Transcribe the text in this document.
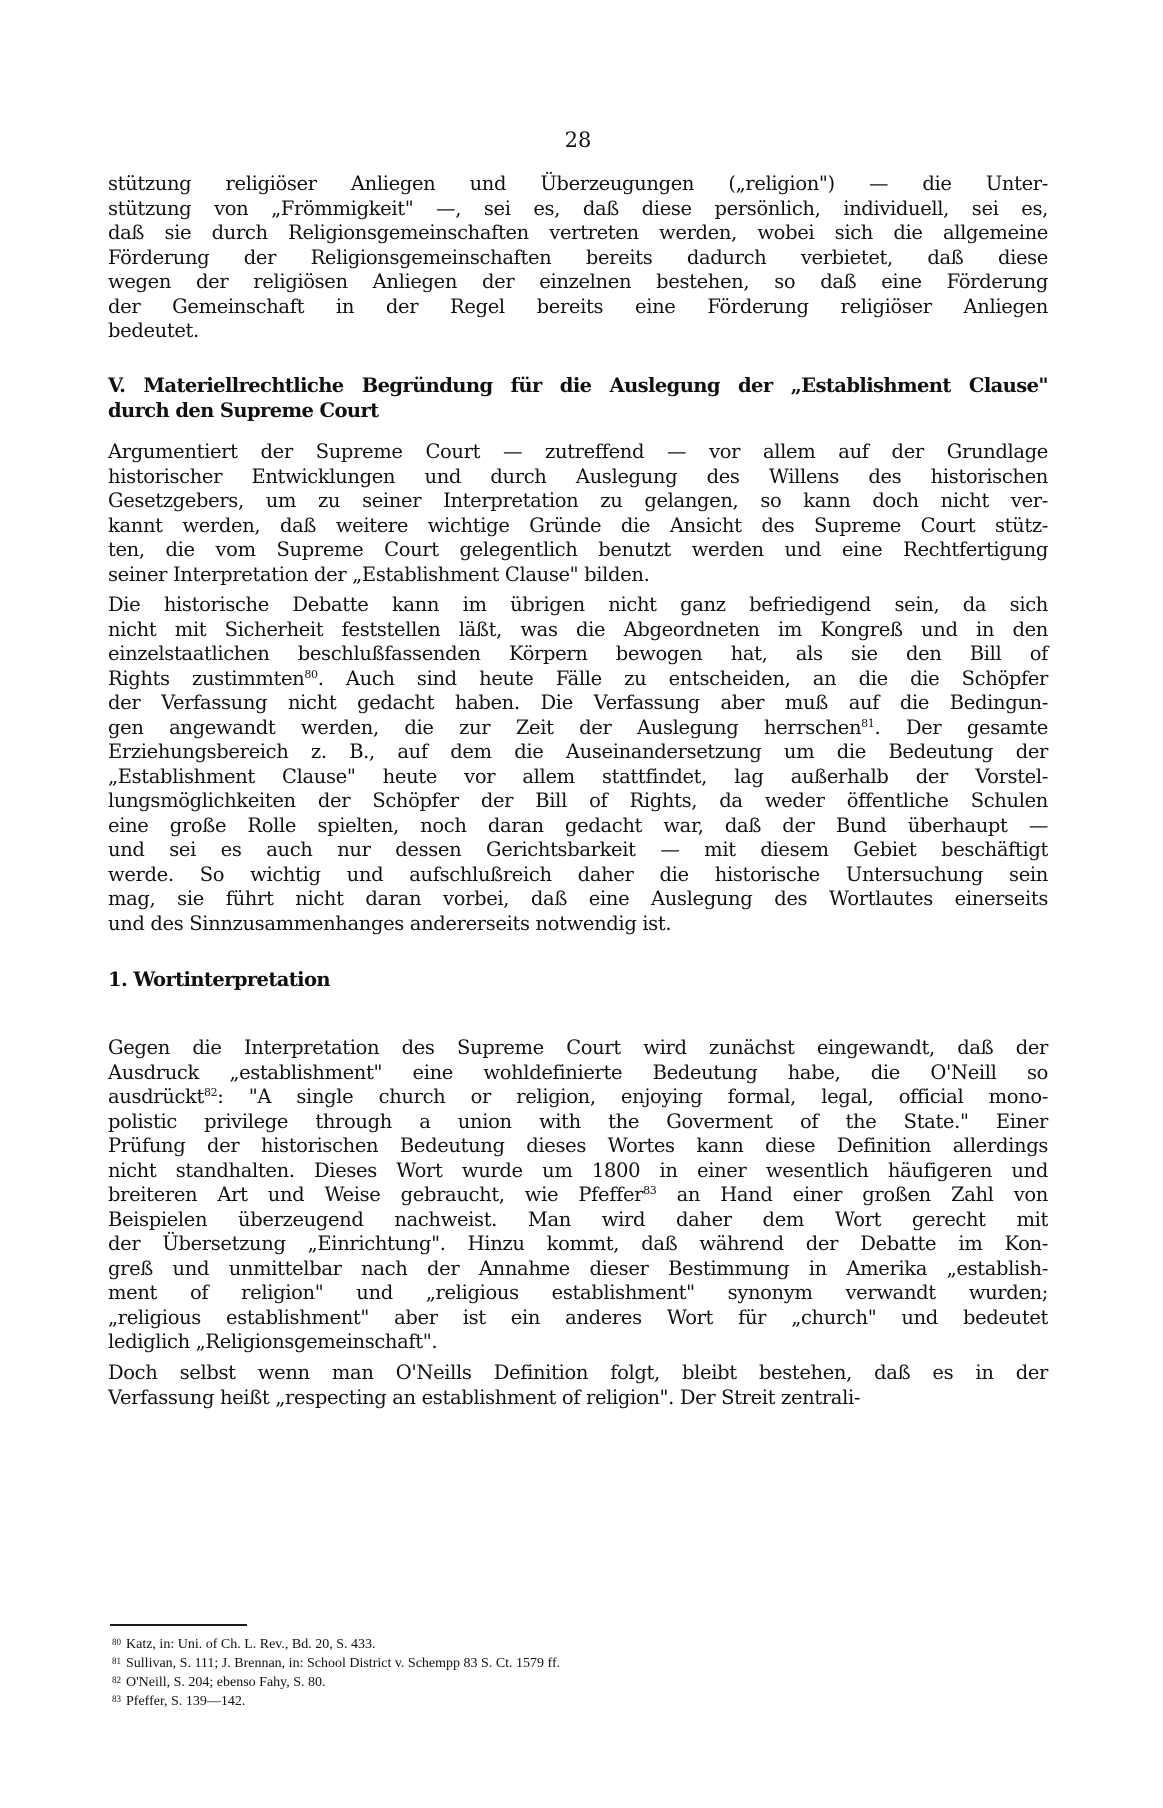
28
stützung religiöser Anliegen und Überzeugungen („religion") — die Unter-
stützung von „Frömmigkeit" —, sei es, daß diese persönlich, individuell, sei es,
daß sie durch Religionsgemeinschaften vertreten werden, wobei sich die allgemeine
Förderung der Religionsgemeinschaften bereits dadurch verbietet, daß diese
wegen der religiösen Anliegen der einzelnen bestehen, so daß eine Förderung
der Gemeinschaft in der Regel bereits eine Förderung religiöser Anliegen
bedeutet.
V. Materiellrechtliche Begründung für die Auslegung der „Establishment Clause"
durch den Supreme Court
Argumentiert der Supreme Court — zutreffend — vor allem auf der Grundlage
historischer Entwicklungen und durch Auslegung des Willens des historischen
Gesetzgebers, um zu seiner Interpretation zu gelangen, so kann doch nicht ver-
kannt werden, daß weitere wichtige Gründe die Ansicht des Supreme Court stütz-
ten, die vom Supreme Court gelegentlich benutzt werden und eine Rechtfertigung
seiner Interpretation der „Establishment Clause" bilden.
Die historische Debatte kann im übrigen nicht ganz befriedigend sein, da sich
nicht mit Sicherheit feststellen läßt, was die Abgeordneten im Kongreß und in den
einzelstaatlichen beschlußfassenden Körpern bewogen hat, als sie den Bill of
Rights zustimmten$^{80}$. Auch sind heute Fälle zu entscheiden, an die die Schöpfer
der Verfassung nicht gedacht haben. Die Verfassung aber muß auf die Bedingun-
gen angewandt werden, die zur Zeit der Auslegung herrschen$^{81}$. Der gesamte
Erziehungsbereich z. B., auf dem die Auseinandersetzung um die Bedeutung der
„Establishment Clause" heute vor allem stattfindet, lag außerhalb der Vorstel-
lungsmöglichkeiten der Schöpfer der Bill of Rights, da weder öffentliche Schulen
eine große Rolle spielten, noch daran gedacht war, daß der Bund überhaupt —
und sei es auch nur dessen Gerichtsbarkeit — mit diesem Gebiet beschäftigt
werde. So wichtig und aufschlußreich daher die historische Untersuchung sein
mag, sie führt nicht daran vorbei, daß eine Auslegung des Wortlautes einerseits
und des Sinnzusammenhanges andererseits notwendig ist.
1. Wortinterpretation
Gegen die Interpretation des Supreme Court wird zunächst eingewandt, daß der
Ausdruck „establishment" eine wohldefinierte Bedeutung habe, die O'Neill so
ausdrückt$^{82}$: "A single church or religion, enjoying formal, legal, official mono-
polistic privilege through a union with the Goverment of the State." Einer
Prüfung der historischen Bedeutung dieses Wortes kann diese Definition allerdings
nicht standhalten. Dieses Wort wurde um 1800 in einer wesentlich häufigeren und
breiteren Art und Weise gebraucht, wie Pfeffer$^{83}$ an Hand einer großen Zahl von
Beispielen überzeugend nachweist. Man wird daher dem Wort gerecht mit
der Übersetzung „Einrichtung". Hinzu kommt, daß während der Debatte im Kon-
greß und unmittelbar nach der Annahme dieser Bestimmung in Amerika „establish-
ment of religion" und „religious establishment" synonym verwandt wurden;
„religious establishment" aber ist ein anderes Wort für „church" und bedeutet
lediglich „Religionsgemeinschaft".
Doch selbst wenn man O'Neills Definition folgt, bleibt bestehen, daß es in der
Verfassung heißt „respecting an establishment of religion". Der Streit zentrali-
$^{80}$ Katz, in: Uni. of Ch. L. Rev., Bd. 20, S. 433.
$^{81}$ Sullivan, S. 111; J. Brennan, in: School District v. Schempp 83 S. Ct. 1579 ff.
$^{82}$ O'Neill, S. 204; ebenso Fahy, S. 80.
$^{83}$ Pfeffer, S. 139—142.
